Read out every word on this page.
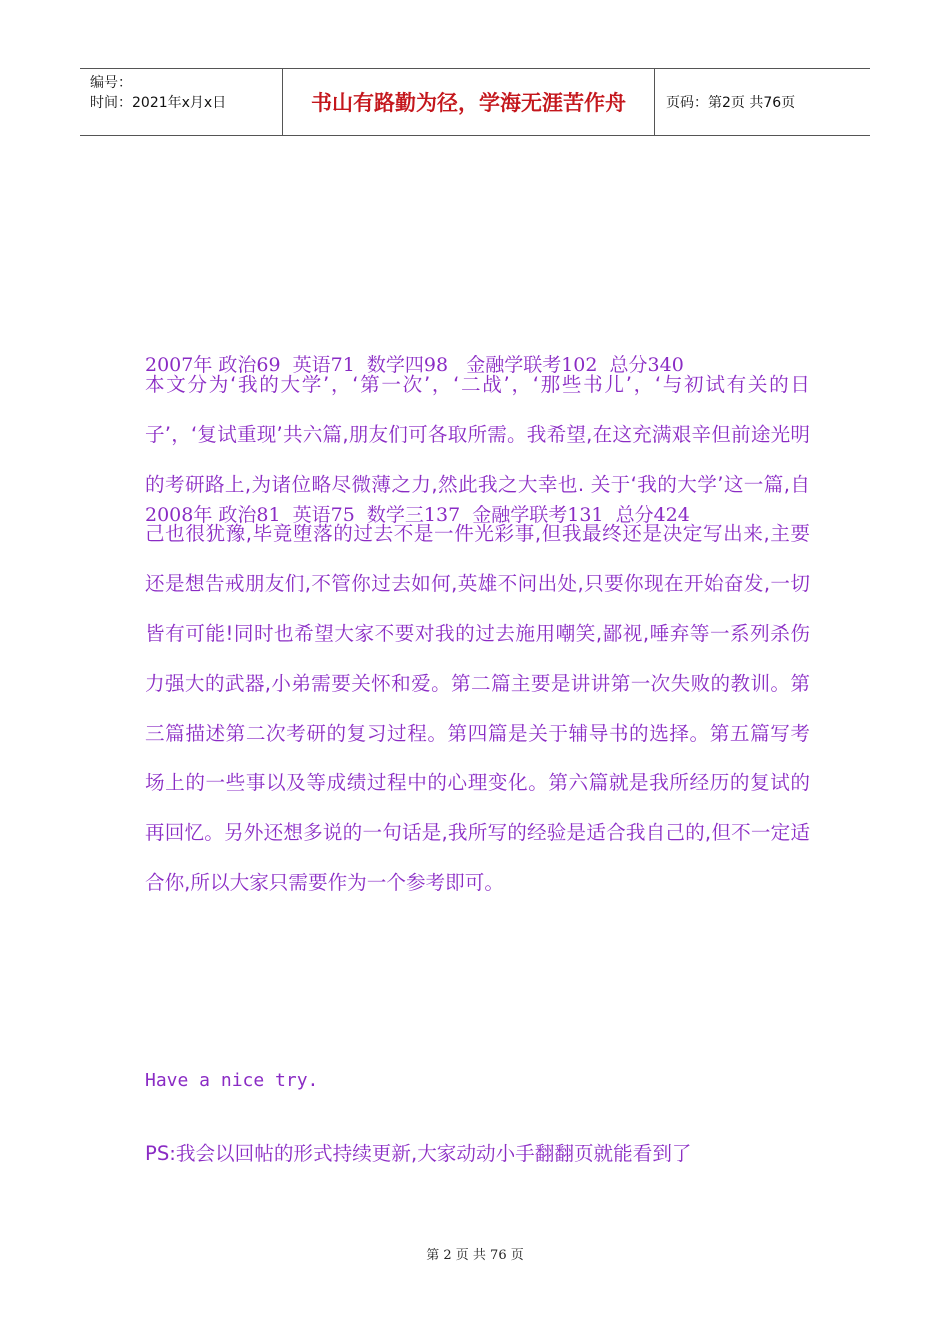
编号：
时间：2021年x月x日	书山有路勤为径，学海无涯苦作舟	页码：第2页 共76页

2007年 政治69  英语71  数学四98   金融学联考102  总分340

2008年 政治81  英语75  数学三137  金融学联考131  总分424

本文分为‘我的大学’，‘第一次’，‘二战’，‘那些书儿’，‘与初试有关的日子’，‘复试重现’共六篇,朋友们可各取所需。我希望,在这充满艰辛但前途光明的考研路上,为诸位略尽微薄之力,然此我之大幸也. 关于‘我的大学’这一篇,自己也很犹豫,毕竟堕落的过去不是一件光彩事,但我最终还是决定写出来,主要还是想告戒朋友们,不管你过去如何,英雄不问出处,只要你现在开始奋发,一切皆有可能!同时也希望大家不要对我的过去施用嘲笑,鄙视,唾弃等一系列杀伤力强大的武器,小弟需要关怀和爱。第二篇主要是讲讲第一次失败的教训。第三篇描述第二次考研的复习过程。第四篇是关于辅导书的选择。第五篇写考场上的一些事以及等成绩过程中的心理变化。第六篇就是我所经历的复试的再回忆。另外还想多说的一句话是,我所写的经验是适合我自己的,但不一定适合你,所以大家只需要作为一个参考即可。
Have a nice try.
PS:我会以回帖的形式持续更新,大家动动小手翻翻页就能看到了
第 2 页 共 76 页
